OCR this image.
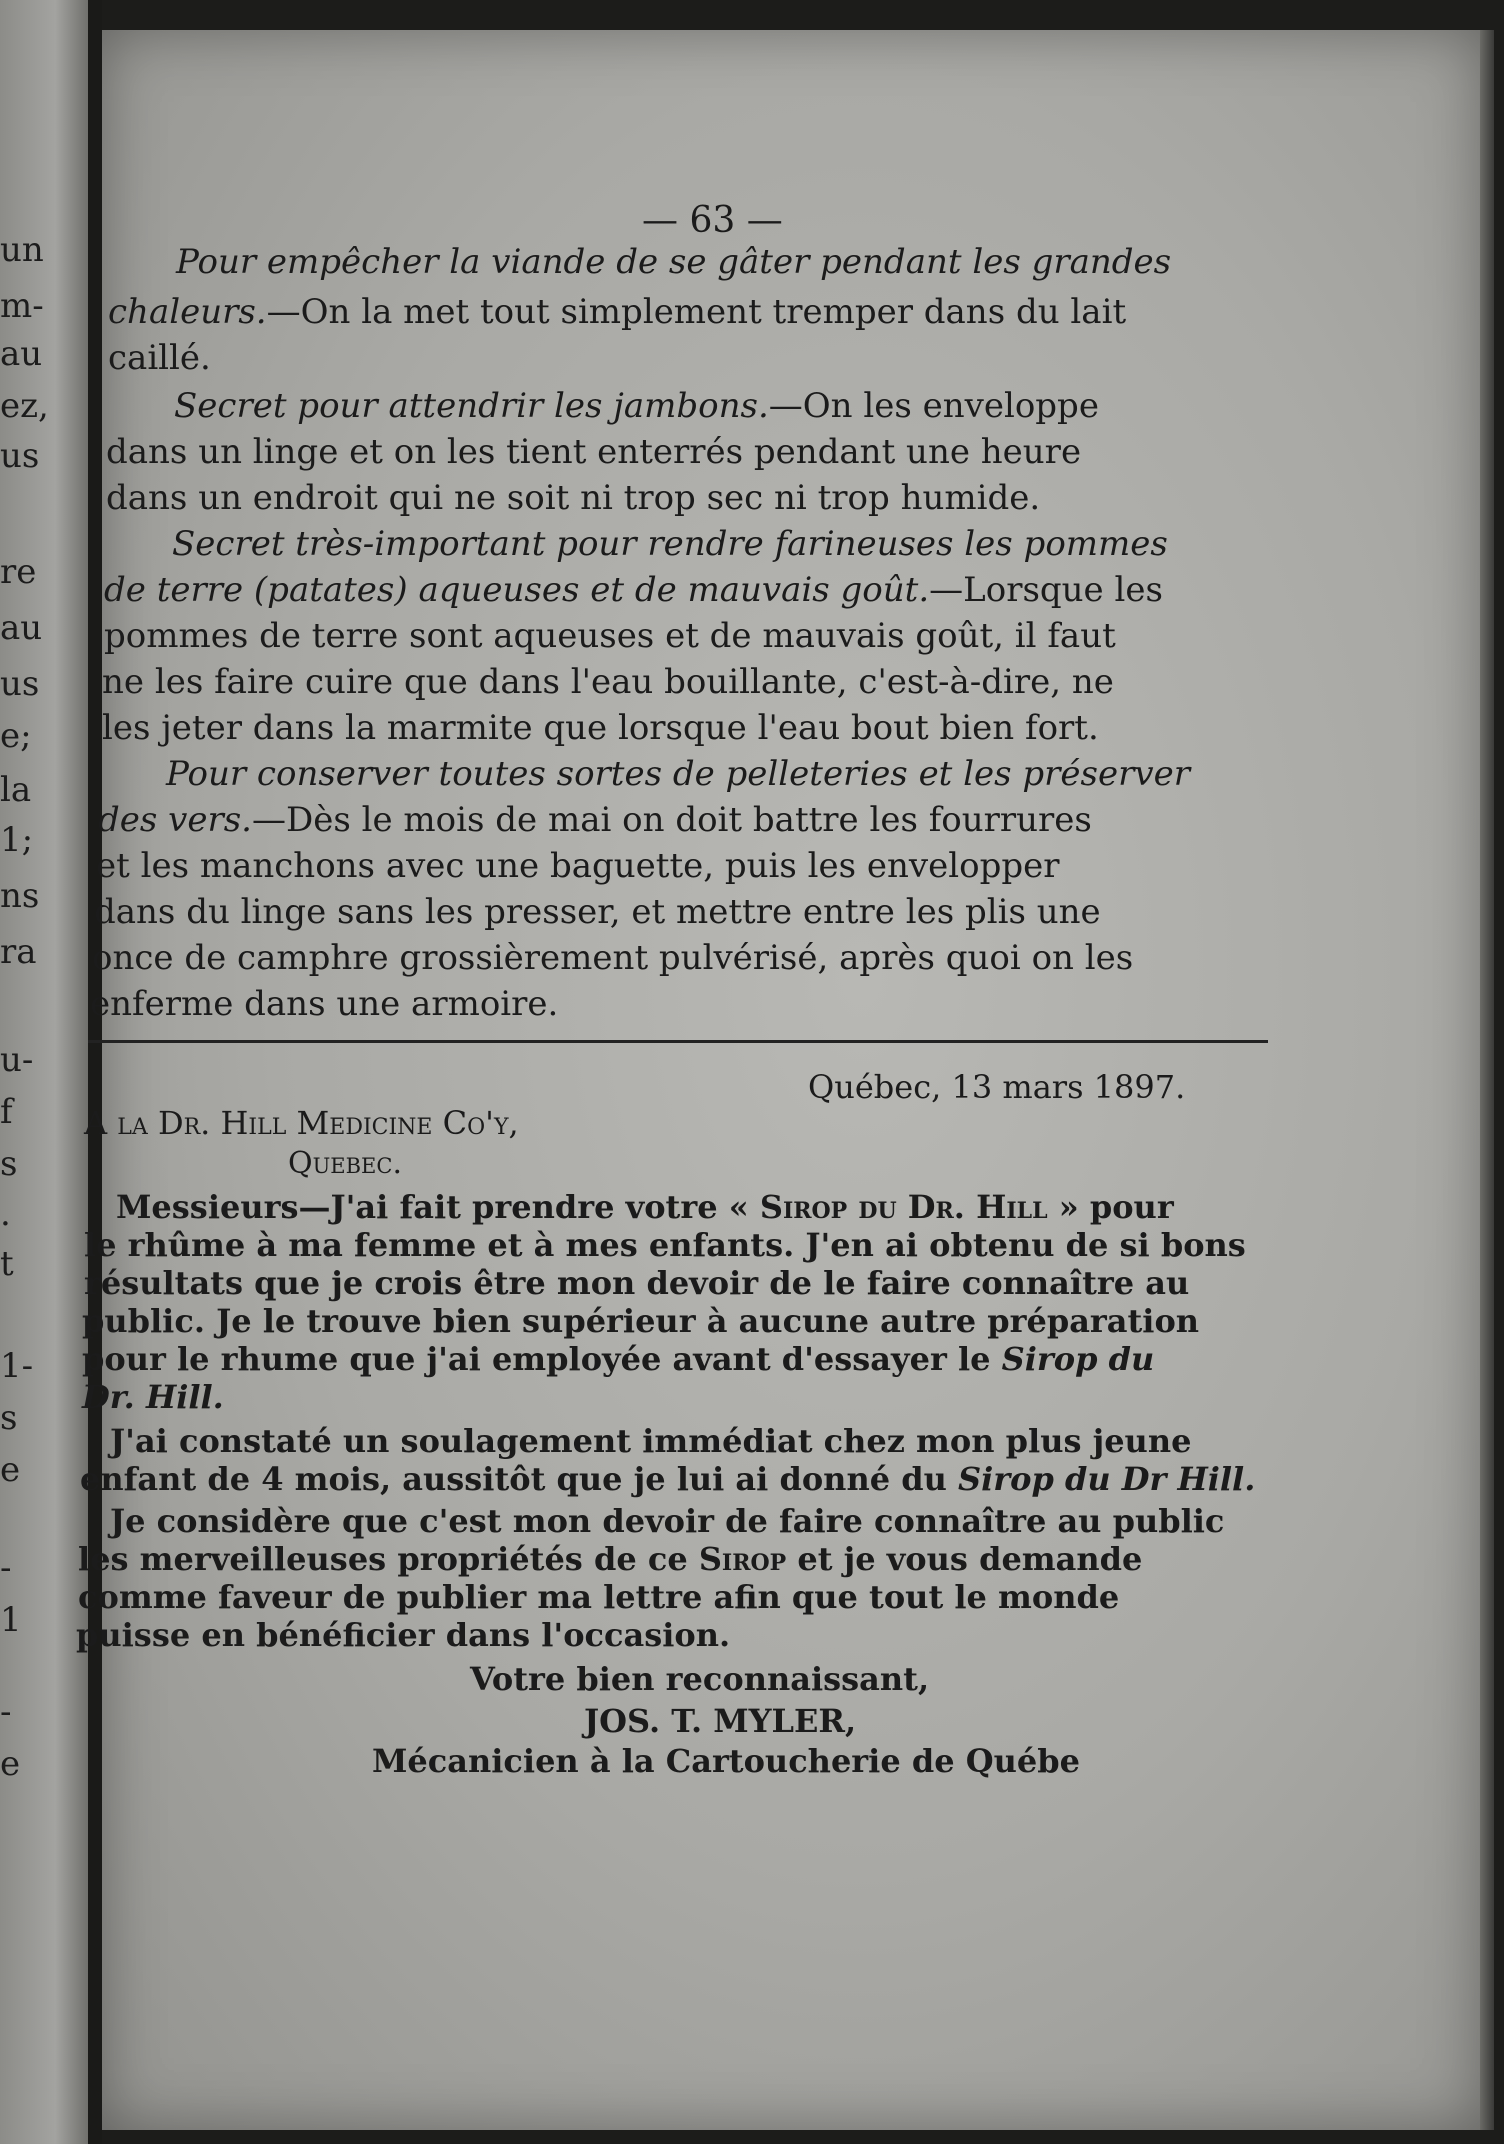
un
m-
au
ez,
us
re
au
us
e;
la
1;
ns
ra
u-
f
s
.
t
1-
s
e
-
1
-
e

— 63 —

Pour empêcher la viande de se gâter pendant les grandes

chaleurs.—On la met tout simplement tremper dans du lait

caillé.

Secret pour attendrir les jambons.—On les enveloppe

dans un linge et on les tient enterrés pendant une heure

dans un endroit qui ne soit ni trop sec ni trop humide.

Secret très-important pour rendre farineuses les pommes

de terre (patates) aqueuses et de mauvais goût.—Lorsque les

pommes de terre sont aqueuses et de mauvais goût, il faut

ne les faire cuire que dans l'eau bouillante, c'est-à-dire, ne

les jeter dans la marmite que lorsque l'eau bout bien fort.

Pour conserver toutes sortes de pelleteries et les préserver

des vers.—Dès le mois de mai on doit battre les fourrures

et les manchons avec une baguette, puis les envelopper

dans du linge sans les presser, et mettre entre les plis une

once de camphre grossièrement pulvérisé, après quoi on les

enferme dans une armoire.

Québec, 13 mars 1897.

A la Dr. Hill Medicine Co'y,

Quebec.

Messieurs—J'ai fait prendre votre « Sirop du Dr. Hill » pour

le rhûme à ma femme et à mes enfants. J'en ai obtenu de si bons

résultats que je crois être mon devoir de le faire connaître au

public. Je le trouve bien supérieur à aucune autre préparation

pour le rhume que j'ai employée avant d'essayer le Sirop du

Dr. Hill.

J'ai constaté un soulagement immédiat chez mon plus jeune

enfant de 4 mois, aussitôt que je lui ai donné du Sirop du Dr Hill.

Je considère que c'est mon devoir de faire connaître au public

les merveilleuses propriétés de ce Sirop et je vous demande

comme faveur de publier ma lettre afin que tout le monde

puisse en bénéficier dans l'occasion.

Votre bien reconnaissant,

JOS. T. MYLER,

Mécanicien à la Cartoucherie de Québe
